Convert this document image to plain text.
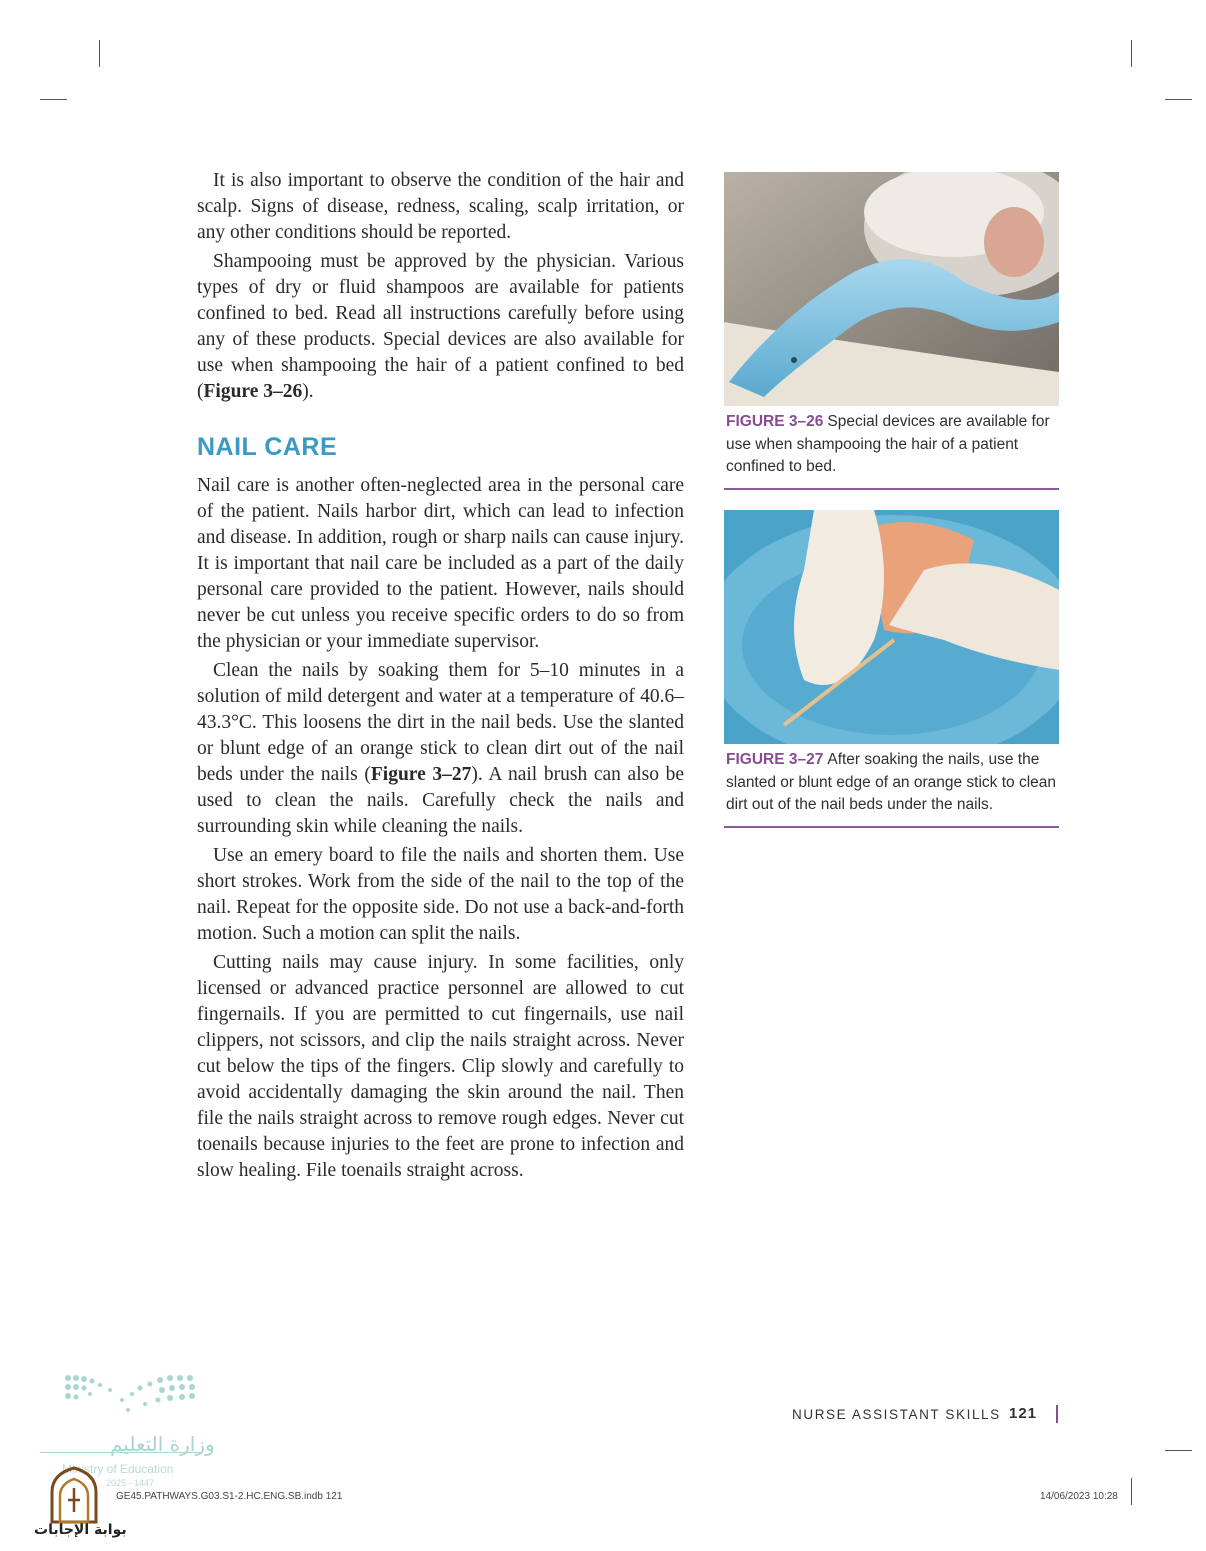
It is also important to observe the condition of the hair and scalp. Signs of disease, redness, scaling, scalp irritation, or any other conditions should be reported.

Shampooing must be approved by the physician. Various types of dry or fluid shampoos are available for patients confined to bed. Read all instructions carefully before using any of these products. Special devices are also available for use when shampooing the hair of a patient confined to bed (Figure 3–26).

NAIL CARE

Nail care is another often-neglected area in the personal care of the patient. Nails harbor dirt, which can lead to infection and disease. In addition, rough or sharp nails can cause injury. It is important that nail care be included as a part of the daily personal care provided to the patient. However, nails should never be cut unless you receive specific orders to do so from the physician or your immediate supervisor.

Clean the nails by soaking them for 5–10 minutes in a solution of mild detergent and water at a temperature of 40.6–43.3°C. This loosens the dirt in the nail beds. Use the slanted or blunt edge of an orange stick to clean dirt out of the nail beds under the nails (Figure 3–27). A nail brush can also be used to clean the nails. Carefully check the nails and surrounding skin while cleaning the nails.

Use an emery board to file the nails and shorten them. Use short strokes. Work from the side of the nail to the top of the nail. Repeat for the opposite side. Do not use a back-and-forth motion. Such a motion can split the nails.

Cutting nails may cause injury. In some facilities, only licensed or advanced practice personnel are allowed to cut fingernails. If you are permitted to cut fingernails, use nail clippers, not scissors, and clip the nails straight across. Never cut below the tips of the fingers. Clip slowly and carefully to avoid accidentally damaging the skin around the nail. Then file the nails straight across to remove rough edges. Never cut toenails because injuries to the feet are prone to infection and slow healing. File toenails straight across.

FIGURE 3–26 Special devices are available for use when shampooing the hair of a patient confined to bed.
FIGURE 3–27 After soaking the nails, use the slanted or blunt edge of an orange stick to clean dirt out of the nail beds under the nails.
NURSE ASSISTANT SKILLS 121
GE45.PATHWAYS.G03.S1-2.HC.ENG.SB.indb 121	14/06/2023 10:28
وزارة التعليم
Ministry of Education
2025 - 1447
بوابة الإجابات
